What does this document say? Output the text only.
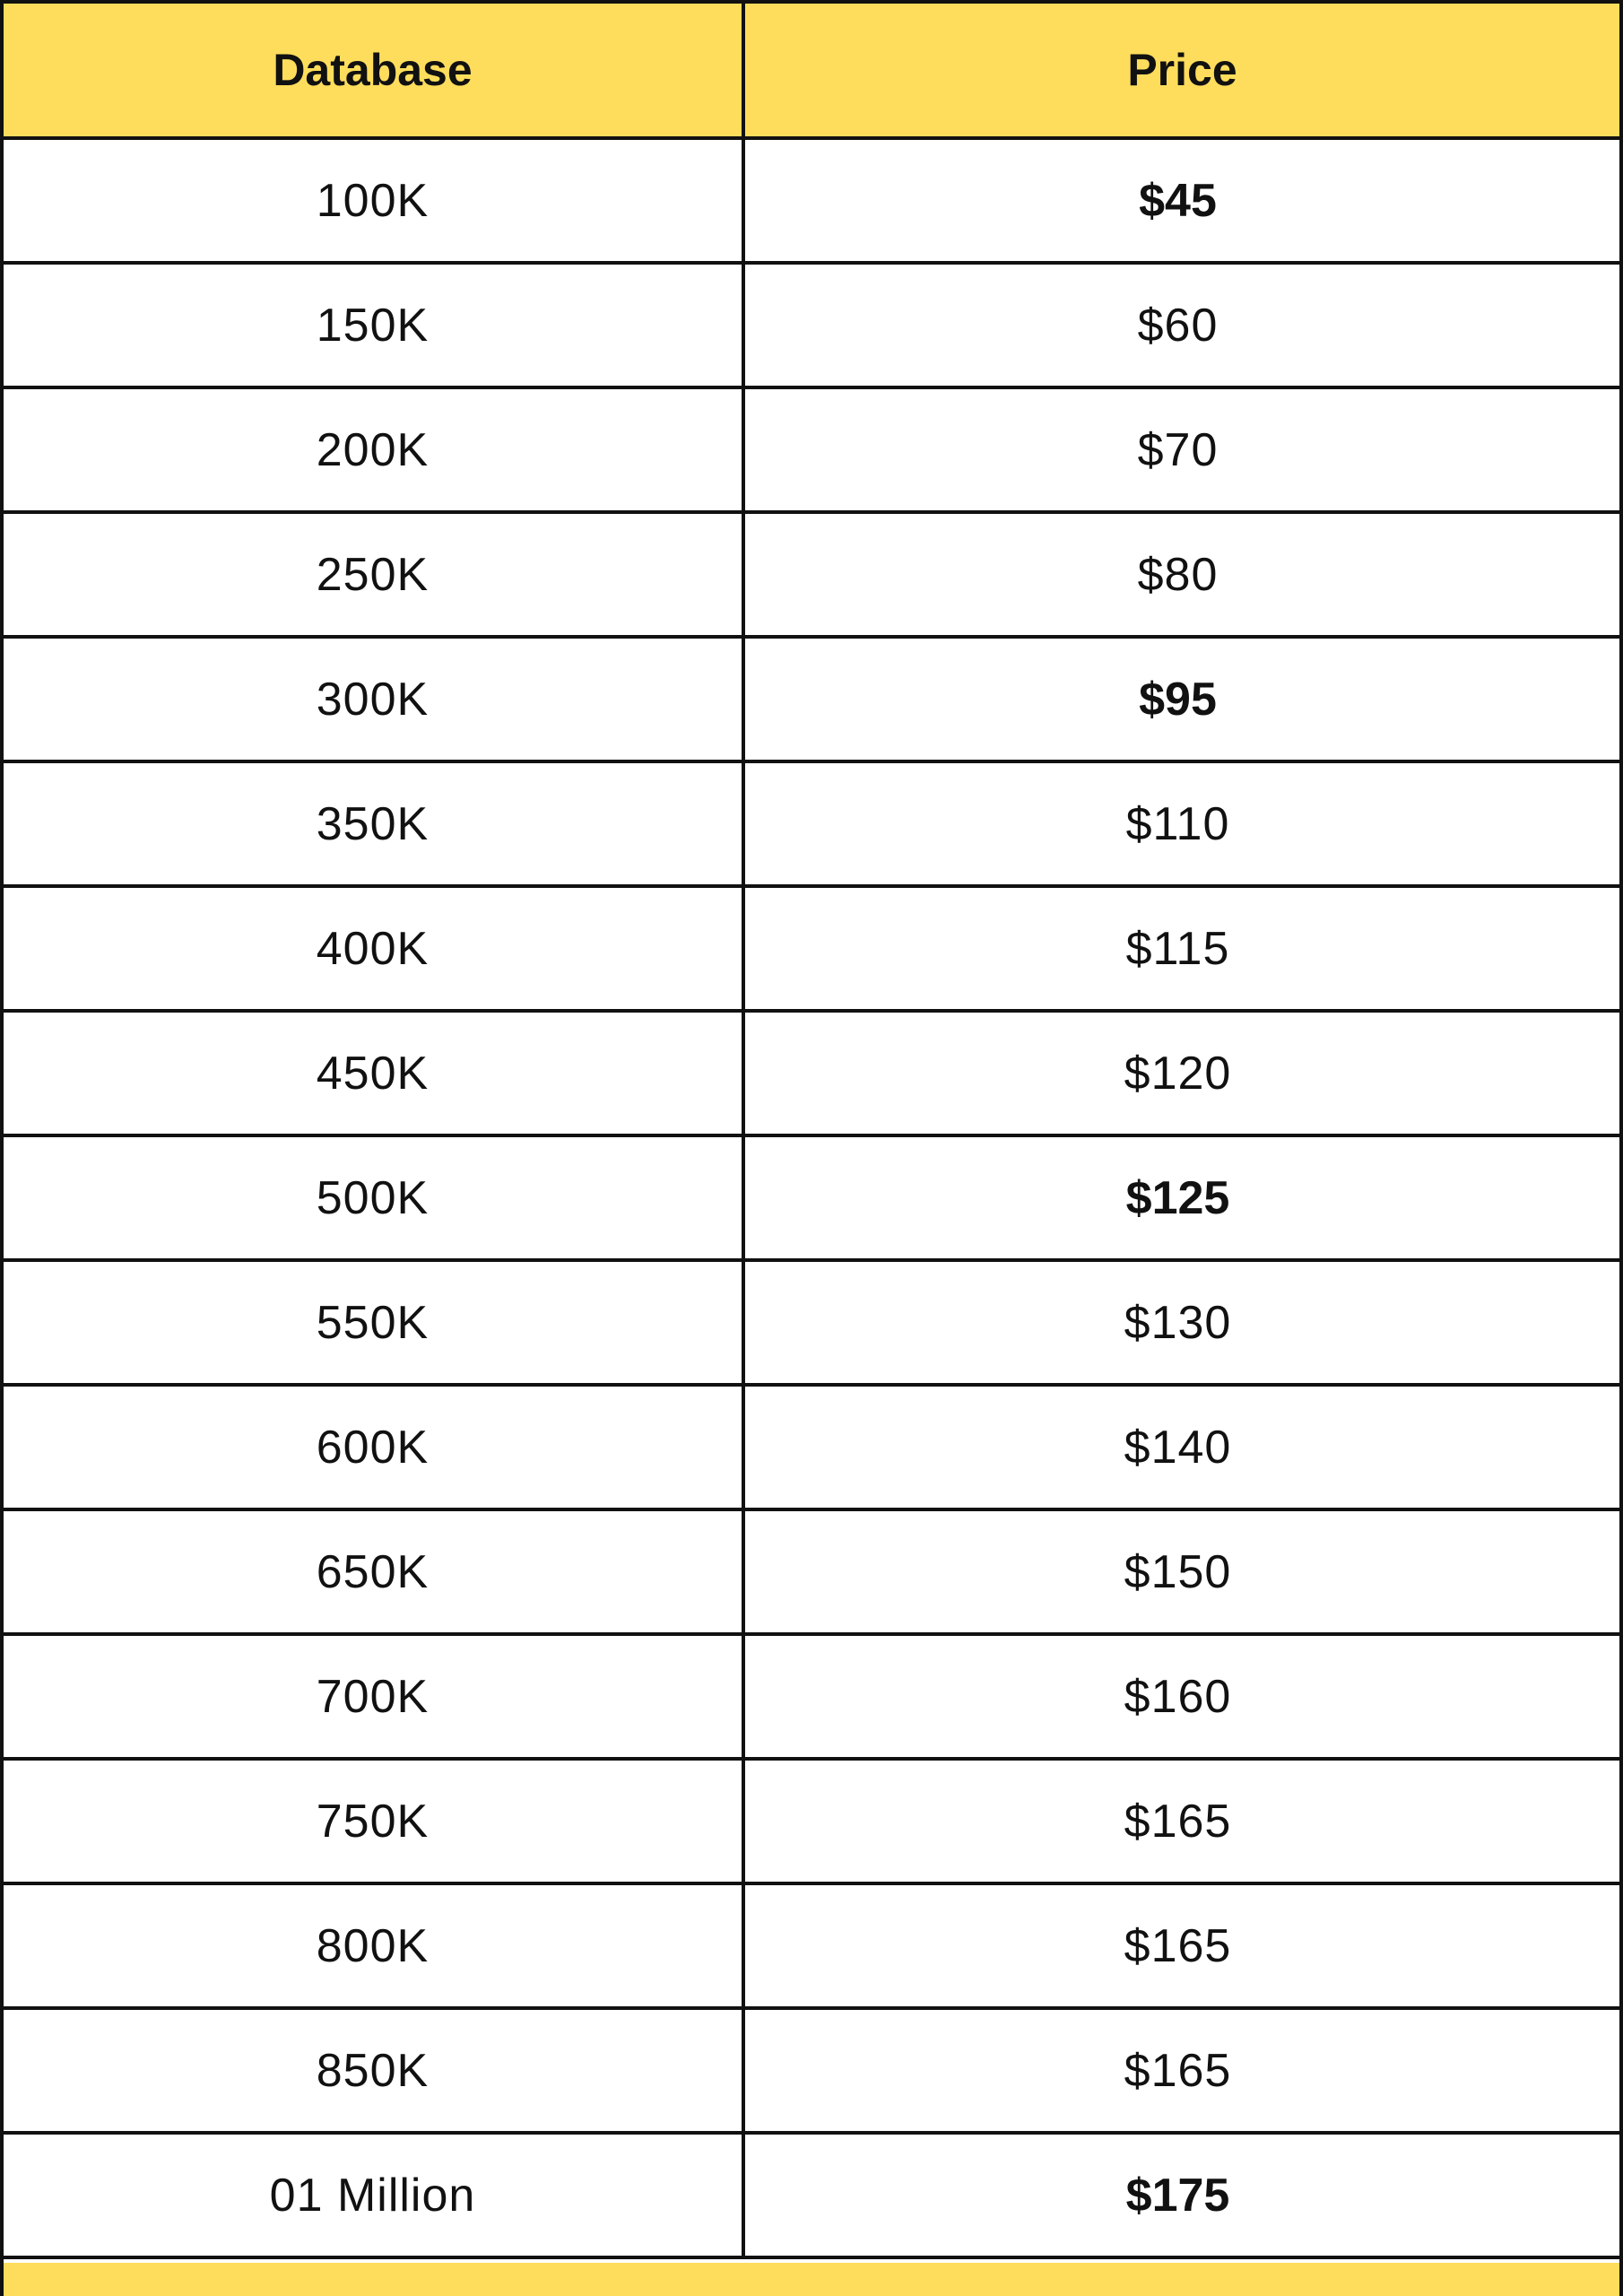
Database	Price
100K	$45
150K	$60
200K	$70
250K	$80
300K	$95
350K	$110
400K	$115
450K	$120
500K	$125
550K	$130
600K	$140
650K	$150
700K	$160
750K	$165
800K	$165
850K	$165
01 Million	$175
